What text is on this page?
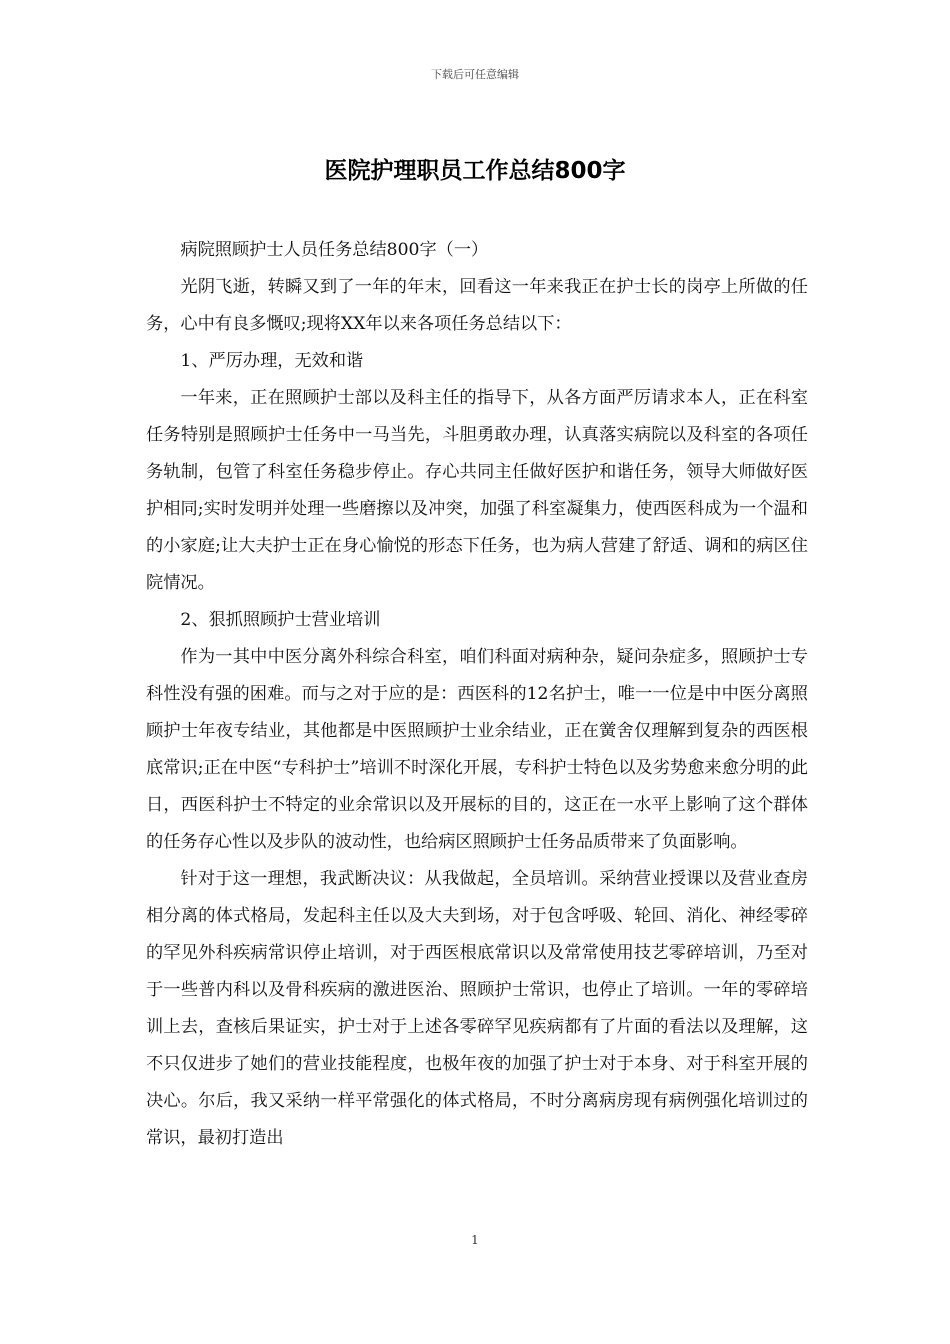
下载后可任意编辑
医院护理职员工作总结800字

病院照顾护士人员任务总结800字（一）

光阴飞逝，转瞬又到了一年的年末，回看这一年来我正在护士长的岗亭上所做的任务，心中有良多慨叹;现将XX年以来各项任务总结以下：

1、严厉办理，无效和谐

一年来，正在照顾护士部以及科主任的指导下，从各方面严厉请求本人，正在科室任务特别是照顾护士任务中一马当先，斗胆勇敢办理，认真落实病院以及科室的各项任务轨制，包管了科室任务稳步停止。存心共同主任做好医护和谐任务，领导大师做好医护相同;实时发明并处理一些磨擦以及冲突，加强了科室凝集力，使西医科成为一个温和的小家庭;让大夫护士正在身心愉悦的形态下任务，也为病人营建了舒适、调和的病区住院情况。

2、狠抓照顾护士营业培训

作为一其中中医分离外科综合科室，咱们科面对病种杂，疑问杂症多，照顾护士专科性没有强的困难。而与之对于应的是：西医科的12名护士，唯一一位是中中医分离照顾护士年夜专结业，其他都是中医照顾护士业余结业，正在黉舍仅理解到复杂的西医根底常识;正在中医“专科护士”培训不时深化开展，专科护士特色以及劣势愈来愈分明的此日，西医科护士不特定的业余常识以及开展标的目的，这正在一水平上影响了这个群体的任务存心性以及步队的波动性，也给病区照顾护士任务品质带来了负面影响。

针对于这一理想，我武断决议：从我做起，全员培训。采纳营业授课以及营业查房相分离的体式格局，发起科主任以及大夫到场，对于包含呼吸、轮回、消化、神经零碎的罕见外科疾病常识停止培训，对于西医根底常识以及常常使用技艺零碎培训，乃至对于一些普内科以及骨科疾病的激进医治、照顾护士常识，也停止了培训。一年的零碎培训上去，查核后果证实，护士对于上述各零碎罕见疾病都有了片面的看法以及理解，这不只仅进步了她们的营业技能程度，也极年夜的加强了护士对于本身、对于科室开展的决心。尔后，我又采纳一样平常强化的体式格局，不时分离病房现有病例强化培训过的常识，最初打造出

1
